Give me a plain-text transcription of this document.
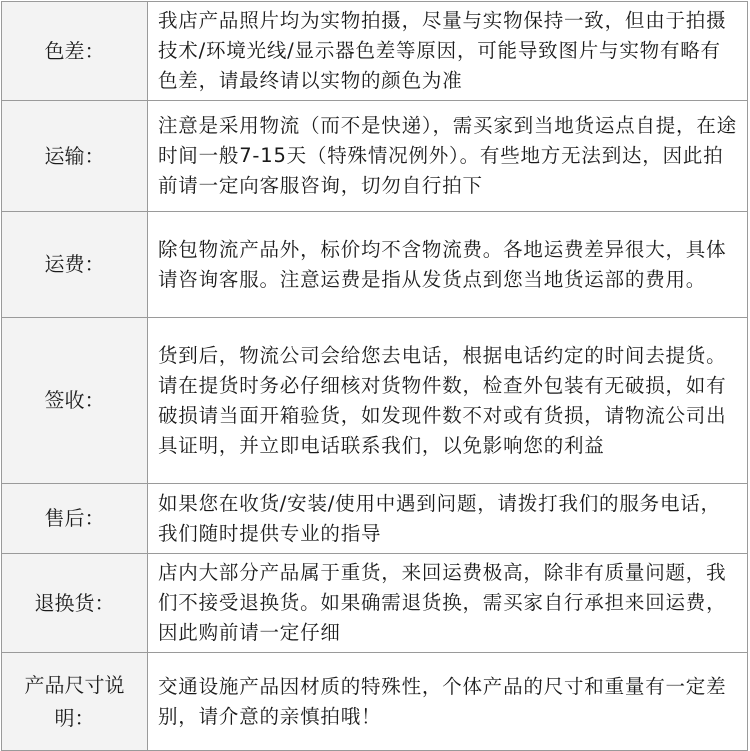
色差：	我店产品照片均为实物拍摄，尽量与实物保持一致，但由于拍摄技术/环境光线/显示器色差等原因，可能导致图片与实物有略有色差，请最终请以实物的颜色为准
运输：	注意是采用物流（而不是快递），需买家到当地货运点自提，在途时间一般7-15天（特殊情况例外）。有些地方无法到达，因此拍前请一定向客服咨询，切勿自行拍下
运费：	除包物流产品外，标价均不含物流费。各地运费差异很大，具体请咨询客服。注意运费是指从发货点到您当地货运部的费用。
签收：	货到后，物流公司会给您去电话，根据电话约定的时间去提货。请在提货时务必仔细核对货物件数，检查外包装有无破损，如有破损请当面开箱验货，如发现件数不对或有货损，请物流公司出具证明，并立即电话联系我们，以免影响您的利益
售后：	如果您在收货/安装/使用中遇到问题，请拨打我们的服务电话，我们随时提供专业的指导
退换货：	店内大部分产品属于重货，来回运费极高，除非有质量问题，我们不接受退换货。如果确需退货换，需买家自行承担来回运费，因此购前请一定仔细
产品尺寸说明：	交通设施产品因材质的特殊性，个体产品的尺寸和重量有一定差别，请介意的亲慎拍哦！
